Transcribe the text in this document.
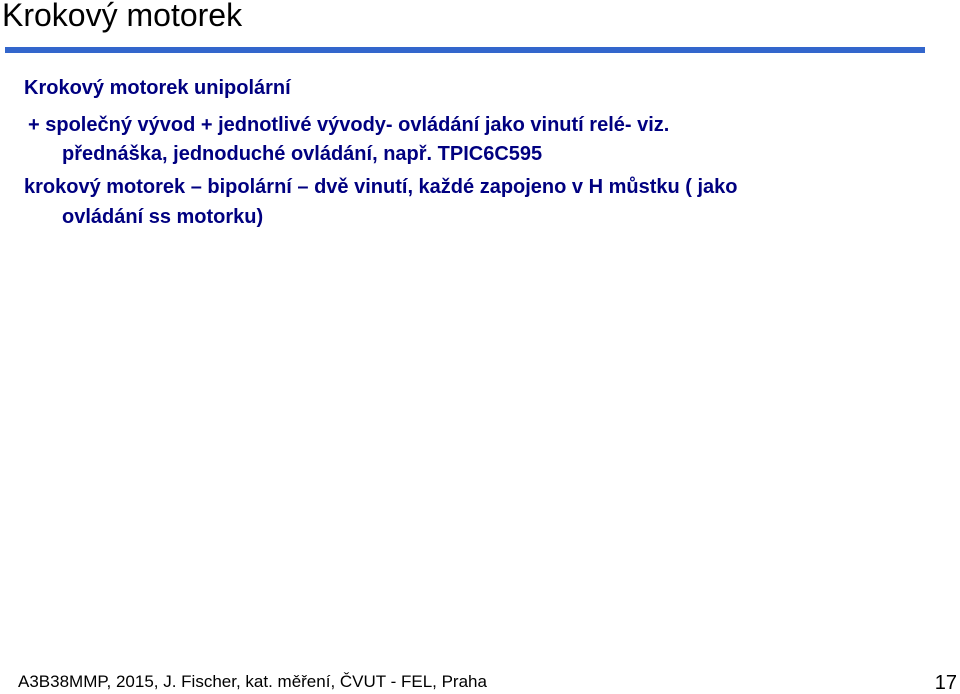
Krokový motorek
Krokový motorek unipolární
+ společný vývod + jednotlivé vývody- ovládání jako vinutí relé- viz.
přednáška, jednoduché ovládání, např. TPIC6C595
krokový motorek – bipolární – dvě vinutí, každé zapojeno v H můstku ( jako
ovládání ss motorku)
A3B38MMP, 2015, J. Fischer, kat. měření, ČVUT - FEL, Praha	17
